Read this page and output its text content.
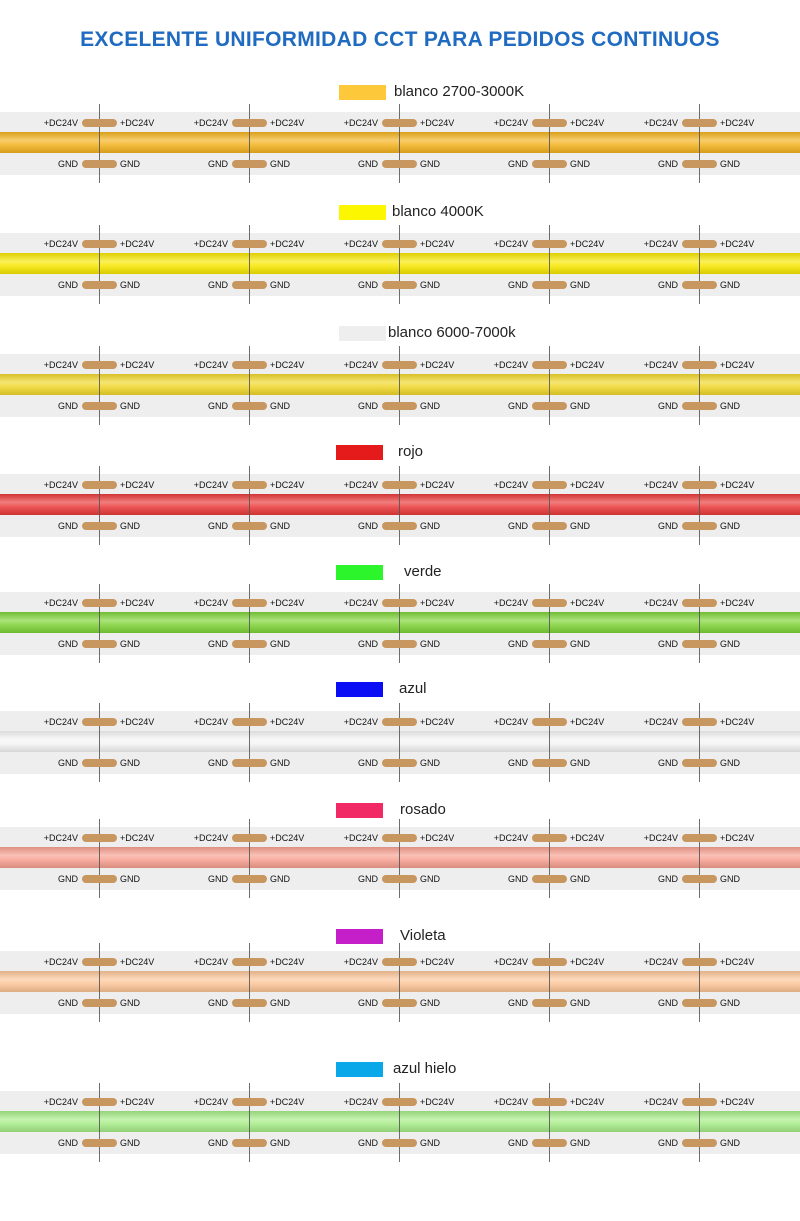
EXCELENTE UNIFORMIDAD CCT PARA PEDIDOS CONTINUOS
blanco 2700-3000K
+DC24V	+DC24V
GND	GND
+DC24V	+DC24V
GND	GND
+DC24V	+DC24V
GND	GND
+DC24V	+DC24V
GND	GND
+DC24V	+DC24V
GND	GND
blanco 4000K
+DC24V	+DC24V
GND	GND
+DC24V	+DC24V
GND	GND
+DC24V	+DC24V
GND	GND
+DC24V	+DC24V
GND	GND
+DC24V	+DC24V
GND	GND
blanco 6000-7000k
+DC24V	+DC24V
GND	GND
+DC24V	+DC24V
GND	GND
+DC24V	+DC24V
GND	GND
+DC24V	+DC24V
GND	GND
+DC24V	+DC24V
GND	GND
rojo
+DC24V	+DC24V
GND	GND
+DC24V	+DC24V
GND	GND
+DC24V	+DC24V
GND	GND
+DC24V	+DC24V
GND	GND
+DC24V	+DC24V
GND	GND
verde
+DC24V	+DC24V
GND	GND
+DC24V	+DC24V
GND	GND
+DC24V	+DC24V
GND	GND
+DC24V	+DC24V
GND	GND
+DC24V	+DC24V
GND	GND
azul
+DC24V	+DC24V
GND	GND
+DC24V	+DC24V
GND	GND
+DC24V	+DC24V
GND	GND
+DC24V	+DC24V
GND	GND
+DC24V	+DC24V
GND	GND
rosado
+DC24V	+DC24V
GND	GND
+DC24V	+DC24V
GND	GND
+DC24V	+DC24V
GND	GND
+DC24V	+DC24V
GND	GND
+DC24V	+DC24V
GND	GND
Violeta
+DC24V	+DC24V
GND	GND
+DC24V	+DC24V
GND	GND
+DC24V	+DC24V
GND	GND
+DC24V	+DC24V
GND	GND
+DC24V	+DC24V
GND	GND
azul hielo
+DC24V	+DC24V
GND	GND
+DC24V	+DC24V
GND	GND
+DC24V	+DC24V
GND	GND
+DC24V	+DC24V
GND	GND
+DC24V	+DC24V
GND	GND
